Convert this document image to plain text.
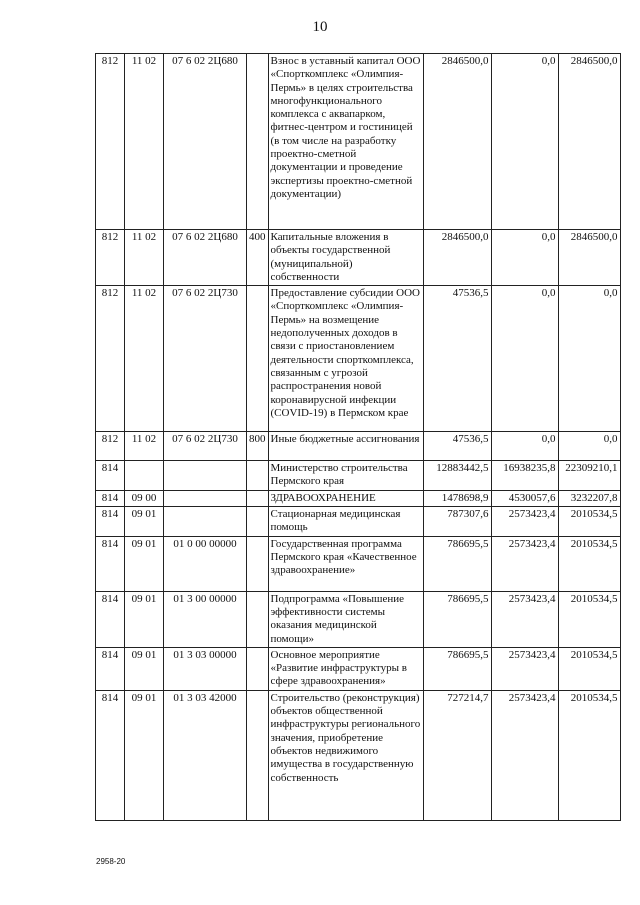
10
812	11 02	07 6 02 2Ц680		Взнос в уставный капитал ООО «Спорткомплекс «Олимпия-Пермь» в целях строительства многофункционального комплекса с аквапарком, фитнес-центром и гостиницей (в том числе на разработку проектно-сметной документации и проведение экспертизы проектно-сметной документации)	2846500,0	0,0	2846500,0
812	11 02	07 6 02 2Ц680	400	Капитальные вложения в объекты государственной (муниципальной) собственности	2846500,0	0,0	2846500,0
812	11 02	07 6 02 2Ц730		Предоставление субсидии ООО «Спорткомплекс «Олимпия-Пермь» на возмещение недополученных доходов в связи с приостановлением деятельности спорткомплекса, связанным с угрозой распространения новой коронавирусной инфекции (COVID-19) в Пермском крае	47536,5	0,0	0,0
812	11 02	07 6 02 2Ц730	800	Иные бюджетные ассигнования	47536,5	0,0	0,0
814				Министерство строительства Пермского края	12883442,5	16938235,8	22309210,1
814	09 00			ЗДРАВООХРАНЕНИЕ	1478698,9	4530057,6	3232207,8
814	09 01			Стационарная медицинская помощь	787307,6	2573423,4	2010534,5
814	09 01	01 0 00 00000		Государственная программа Пермского края «Качественное здравоохранение»	786695,5	2573423,4	2010534,5
814	09 01	01 3 00 00000		Подпрограмма «Повышение эффективности системы оказания медицинской помощи»	786695,5	2573423,4	2010534,5
814	09 01	01 3 03 00000		Основное мероприятие «Развитие инфраструктуры в сфере здравоохранения»	786695,5	2573423,4	2010534,5
814	09 01	01 3 03 42000		Строительство (реконструкция) объектов общественной инфраструктуры регионального значения, приобретение объектов недвижимого имущества в государственную собственность	727214,7	2573423,4	2010534,5
2958-20
